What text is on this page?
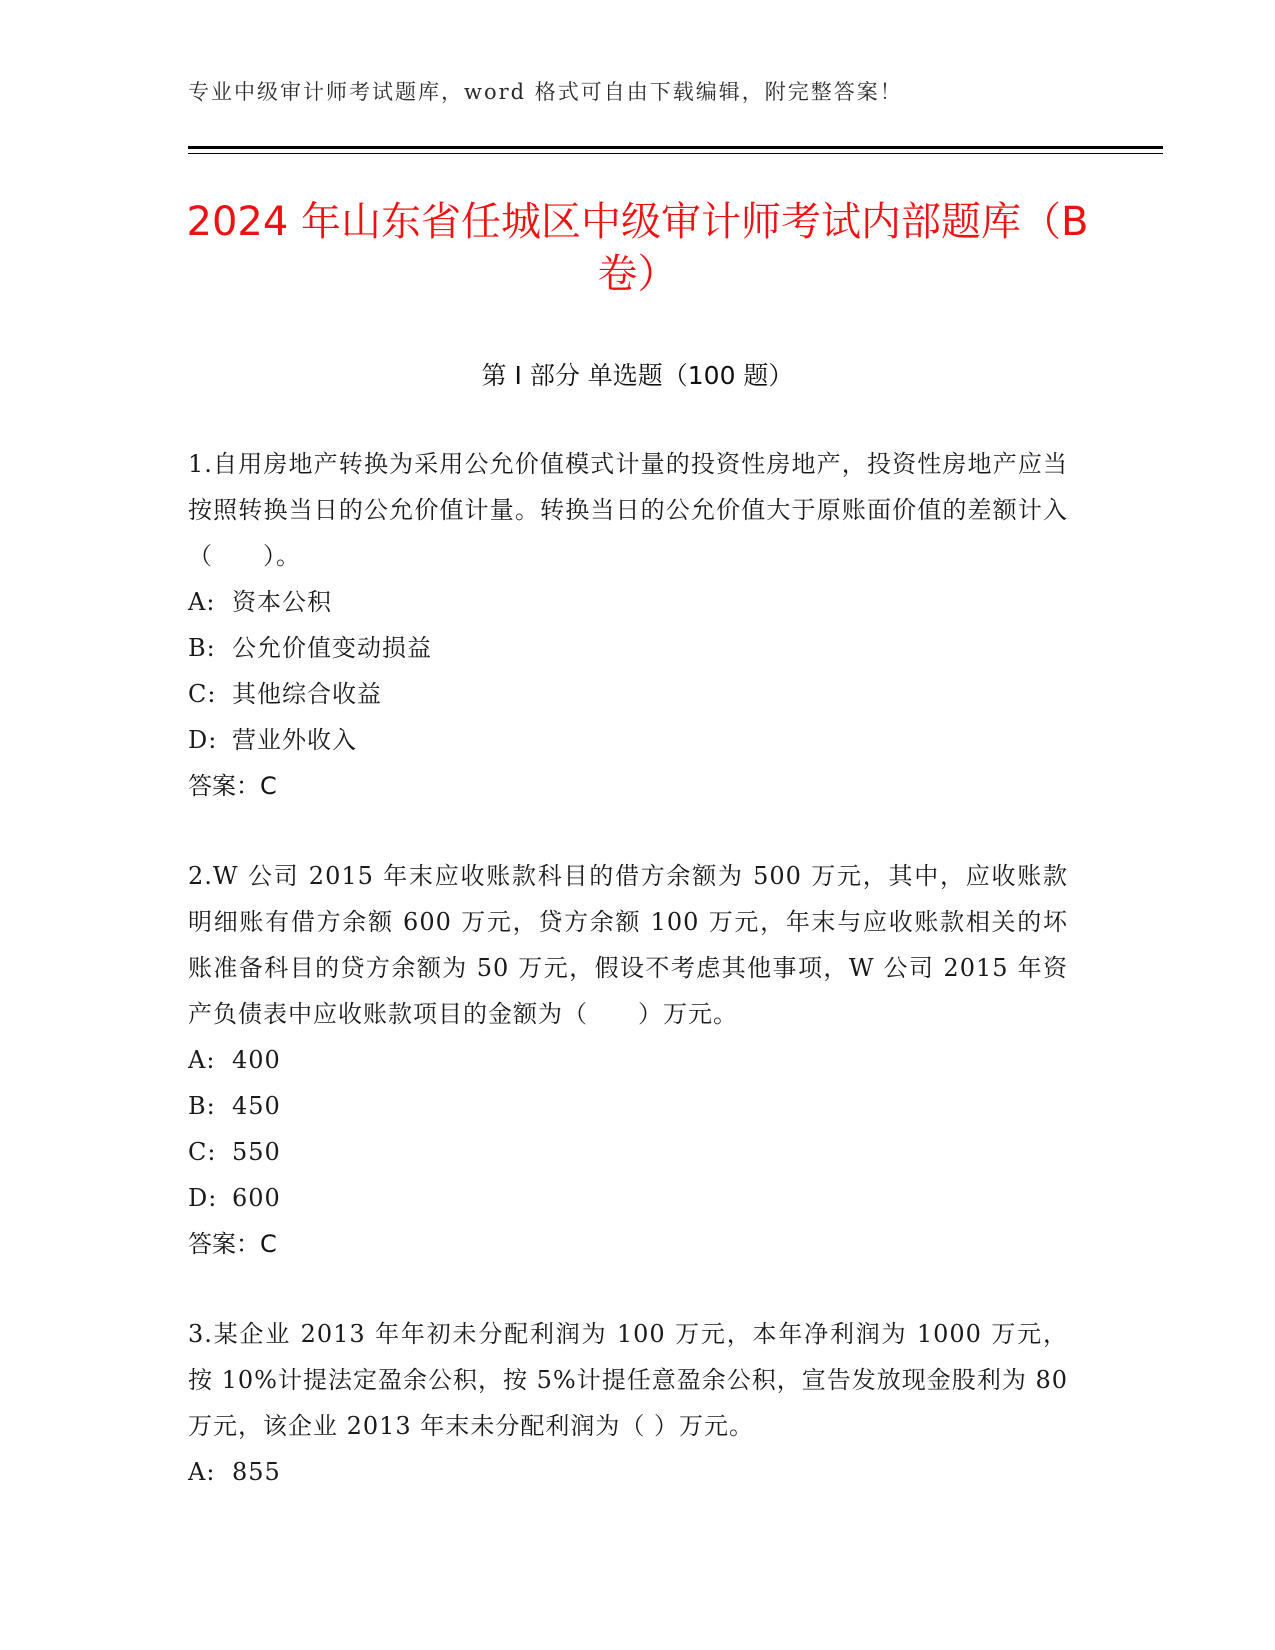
专业中级审计师考试题库，word 格式可自由下载编辑，附完整答案！
2024 年山东省任城区中级审计师考试内部题库（B 卷）
第 I 部分 单选题（100 题）
1.自用房地产转换为采用公允价值模式计量的投资性房地产，投资性房地产应当按照转换当日的公允价值计量。转换当日的公允价值大于原账面价值的差额计入（　　）。
A: 资本公积
B: 公允价值变动损益
C: 其他综合收益
D: 营业外收入
答案：C
2.W 公司 2015 年末应收账款科目的借方余额为 500 万元，其中，应收账款明细账有借方余额 600 万元，贷方余额 100 万元，年末与应收账款相关的坏账准备科目的贷方余额为 50 万元，假设不考虑其他事项，W 公司 2015 年资产负债表中应收账款项目的金额为（　　）万元。
A: 400
B: 450
C: 550
D: 600
答案：C
3.某企业 2013 年年初未分配利润为 100 万元，本年净利润为 1000 万元，按 10%计提法定盈余公积，按 5%计提任意盈余公积，宣告发放现金股利为 80 万元，该企业 2013 年末未分配利润为（ ）万元。
A: 855
